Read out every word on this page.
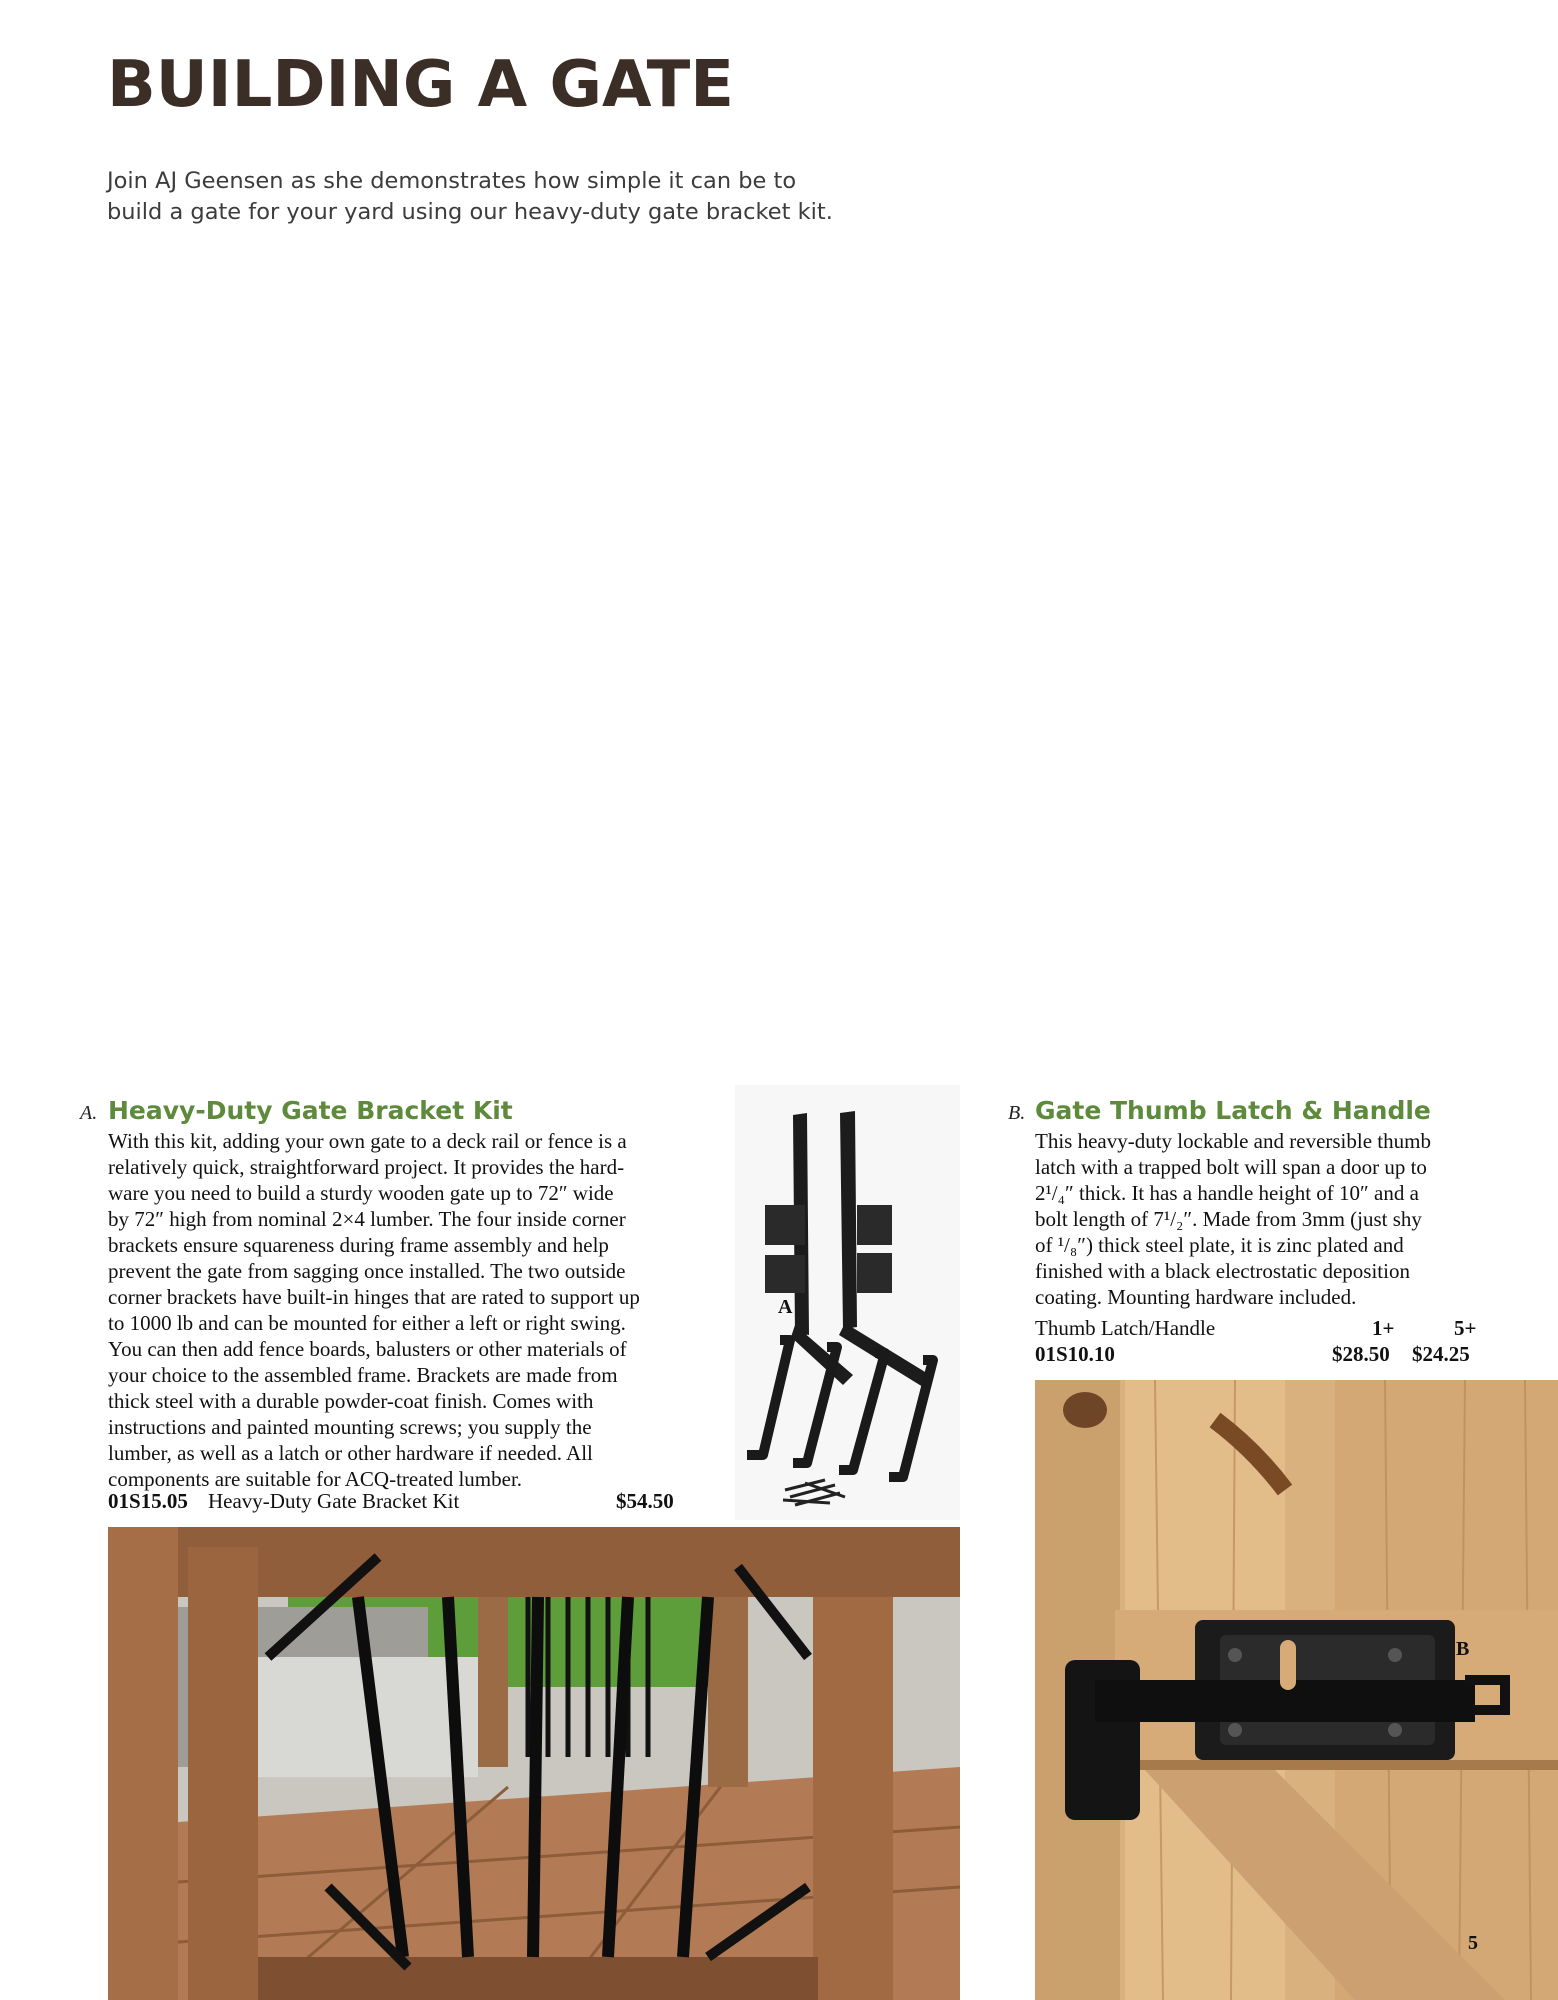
BUILDING A GATE

Join AJ Geensen as she demonstrates how simple it can be to
build a gate for your yard using our heavy-duty gate bracket kit.

A. Heavy-Duty Gate Bracket Kit
With this kit, adding your own gate to a deck rail or fence is a
relatively quick, straightforward project. It provides the hard-
ware you need to build a sturdy wooden gate up to 72″ wide
by 72″ high from nominal 2×4 lumber. The four inside corner
brackets ensure squareness during frame assembly and help
prevent the gate from sagging once installed. The two outside
corner brackets have built-in hinges that are rated to support up
to 1000 lb and can be mounted for either a left or right swing.
You can then add fence boards, balusters or other materials of
your choice to the assembled frame. Brackets are made from
thick steel with a durable powder-coat finish. Comes with
instructions and painted mounting screws; you supply the
lumber, as well as a latch or other hardware if needed. All
components are suitable for ACQ-treated lumber.
01S15.05 Heavy-Duty Gate Bracket Kit	$54.50
A
B. Gate Thumb Latch & Handle
This heavy-duty lockable and reversible thumb
latch with a trapped bolt will span a door up to
2¹/₄″ thick. It has a handle height of 10″ and a
bolt length of 7¹/₂″. Made from 3mm (just shy
of ¹/₈″) thick steel plate, it is zinc plated and
finished with a black electrostatic deposition
coating. Mounting hardware included.
Thumb Latch/Handle	1+	5+
01S10.10	$28.50 $24.25
B
5
